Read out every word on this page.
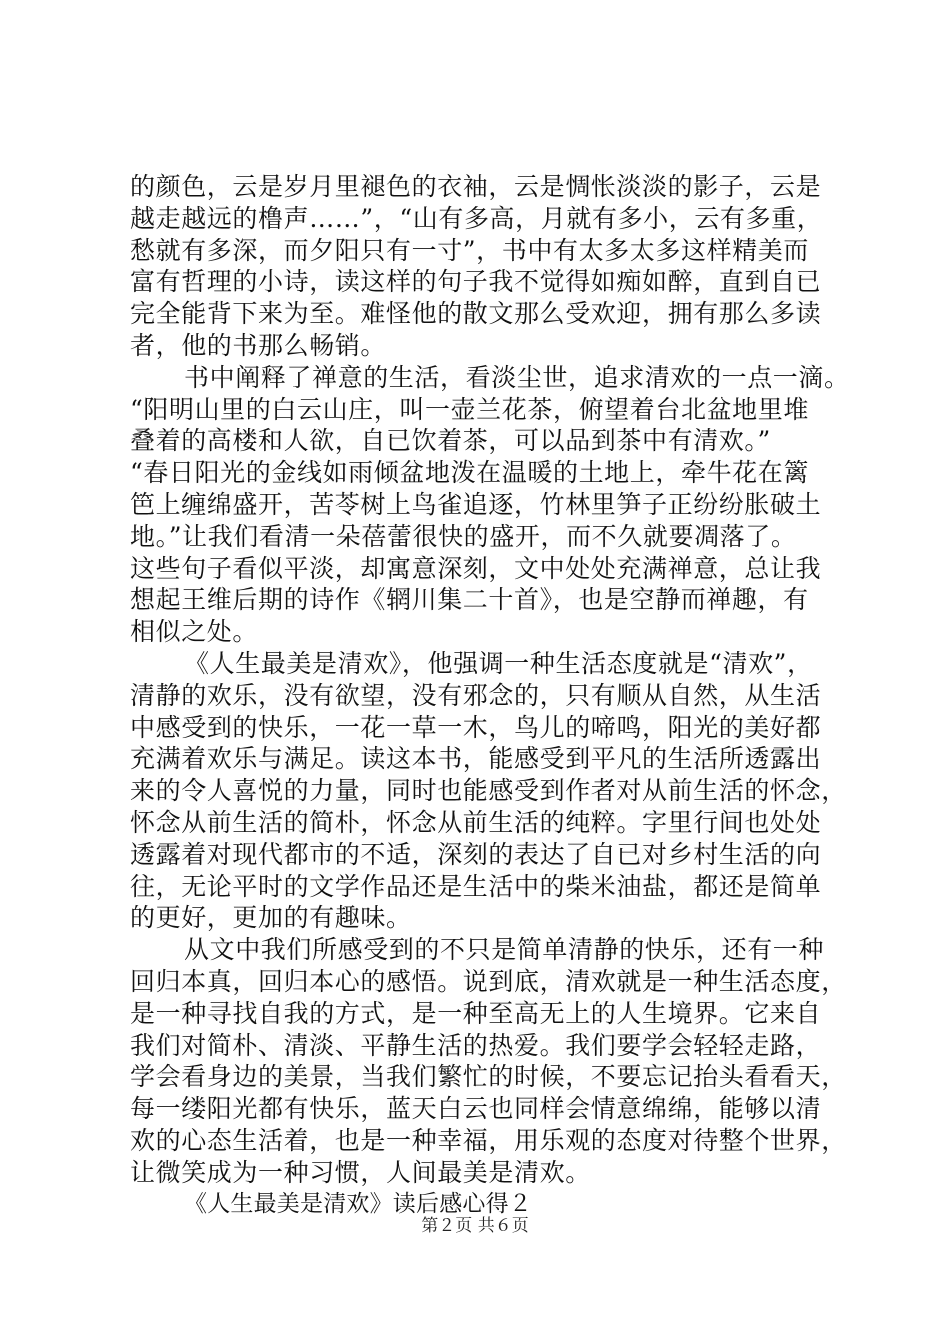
的颜色，云是岁月里褪色的衣袖，云是惆怅淡淡的影子，云是
越走越远的橹声……”，“山有多高，月就有多小，云有多重，
愁就有多深，而夕阳只有一寸”，书中有太多太多这样精美而
富有哲理的小诗，读这样的句子我不觉得如痴如醉，直到自已
完全能背下来为至。难怪他的散文那么受欢迎，拥有那么多读
者，他的书那么畅销。
书中阐释了禅意的生活，看淡尘世，追求清欢的一点一滴。
“阳明山里的白云山庄，叫一壶兰花茶，俯望着台北盆地里堆
叠着的高楼和人欲，自已饮着茶，可以品到茶中有清欢。”
“春日阳光的金线如雨倾盆地泼在温暖的土地上，牵牛花在篱
笆上缠绵盛开，苦苓树上鸟雀追逐，竹林里笋子正纷纷胀破土
地。”让我们看清一朵蓓蕾很快的盛开，而不久就要凋落了。
这些句子看似平淡，却寓意深刻，文中处处充满禅意，总让我
想起王维后期的诗作《辋川集二十首》，也是空静而禅趣，有
相似之处。
《人生最美是清欢》，他强调一种生活态度就是“清欢”，
清静的欢乐，没有欲望，没有邪念的，只有顺从自然，从生活
中感受到的快乐，一花一草一木，鸟儿的啼鸣，阳光的美好都
充满着欢乐与满足。读这本书，能感受到平凡的生活所透露出
来的令人喜悦的力量，同时也能感受到作者对从前生活的怀念，
怀念从前生活的简朴，怀念从前生活的纯粹。字里行间也处处
透露着对现代都市的不适，深刻的表达了自已对乡村生活的向
往，无论平时的文学作品还是生活中的柴米油盐，都还是简单
的更好，更加的有趣味。
从文中我们所感受到的不只是简单清静的快乐，还有一种
回归本真，回归本心的感悟。说到底，清欢就是一种生活态度，
是一种寻找自我的方式，是一种至高无上的人生境界。它来自
我们对简朴、清淡、平静生活的热爱。我们要学会轻轻走路，
学会看身边的美景，当我们繁忙的时候，不要忘记抬头看看天，
每一缕阳光都有快乐，蓝天白云也同样会情意绵绵，能够以清
欢的心态生活着，也是一种幸福，用乐观的态度对待整个世界，
让微笑成为一种习惯，人间最美是清欢。
《人生最美是清欢》读后感心得２
第２页 共６页
